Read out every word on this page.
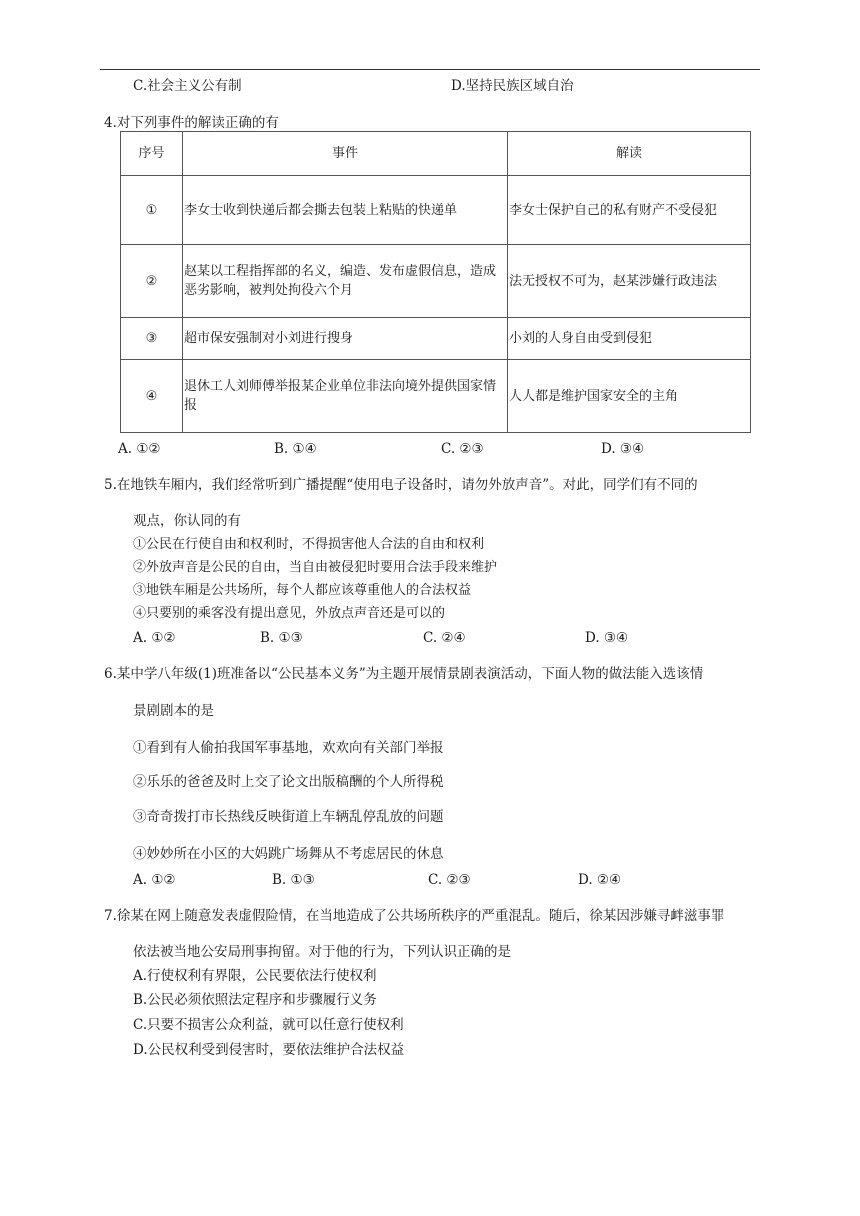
C.社会主义公有制	D.坚持民族区域自治
4.对下列事件的解读正确的有
序号	事件	解读
①	李女士收到快递后都会撕去包装上粘贴的快递单	李女士保护自己的私有财产不受侵犯
②	赵某以工程指挥部的名义，编造、发布虚假信息，造成恶劣影响，被判处拘役六个月	法无授权不可为，赵某涉嫌行政违法
③	超市保安强制对小刘进行搜身	小刘的人身自由受到侵犯
④	退休工人刘师傅举报某企业单位非法向境外提供国家情报	人人都是维护国家安全的主角
A. ①②	B. ①④	C. ②③	D. ③④
5.在地铁车厢内，我们经常听到广播提醒“使用电子设备时，请勿外放声音”。对此，同学们有不同的
观点，你认同的有
①公民在行使自由和权利时，不得损害他人合法的自由和权利
②外放声音是公民的自由，当自由被侵犯时要用合法手段来维护
③地铁车厢是公共场所，每个人都应该尊重他人的合法权益
④只要别的乘客没有提出意见，外放点声音还是可以的
A. ①②	B. ①③	C. ②④	D. ③④
6.某中学八年级(1)班准备以“公民基本义务”为主题开展情景剧表演活动，下面人物的做法能入选该情
景剧剧本的是
①看到有人偷拍我国军事基地，欢欢向有关部门举报
②乐乐的爸爸及时上交了论文出版稿酬的个人所得税
③奇奇拨打市长热线反映街道上车辆乱停乱放的问题
④妙妙所在小区的大妈跳广场舞从不考虑居民的休息
A. ①②	B. ①③	C. ②③	D. ②④
7.徐某在网上随意发表虚假险情，在当地造成了公共场所秩序的严重混乱。随后，徐某因涉嫌寻衅滋事罪
依法被当地公安局刑事拘留。对于他的行为，下列认识正确的是
A.行使权利有界限，公民要依法行使权利
B.公民必须依照法定程序和步骤履行义务
C.只要不损害公众利益，就可以任意行使权利
D.公民权利受到侵害时，要依法维护合法权益
